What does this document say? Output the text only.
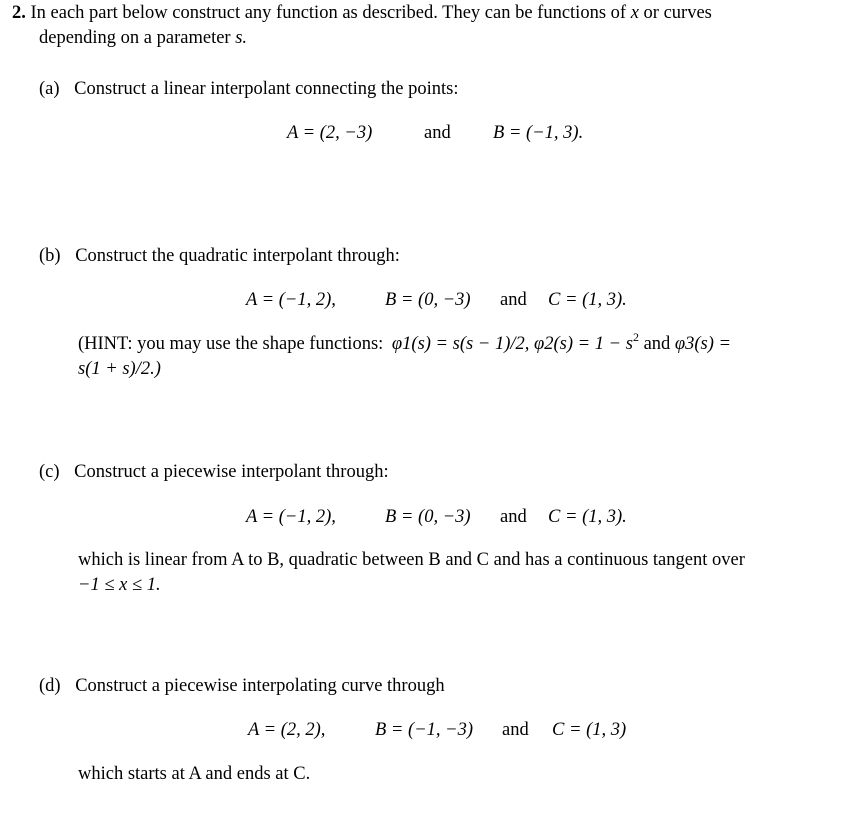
2. In each part below construct any function as described. They can be functions of x or curves
depending on a parameter s.
(a) Construct a linear interpolant connecting the points:
A = (2, −3)	and B = (−1, 3).
(b) Construct the quadratic interpolant through:
A = (−1, 2),	B = (0, −3) and C = (1, 3).
(HINT: you may use the shape functions: φ1(s) = s(s − 1)/2, $\varphi 2(s) = 1 - s^2$ and φ3(s) =
s(1 + s)/2.)
(c) Construct a piecewise interpolant through:
A = (−1, 2),	B = (0, −3) and C = (1, 3).
which is linear from A to B, quadratic between B and C and has a continuous tangent over
−1 ≤ x ≤ 1.
(d) Construct a piecewise interpolating curve through
A = (2, 2),	B = (−1, −3) and C = (1, 3)
which starts at A and ends at C.
